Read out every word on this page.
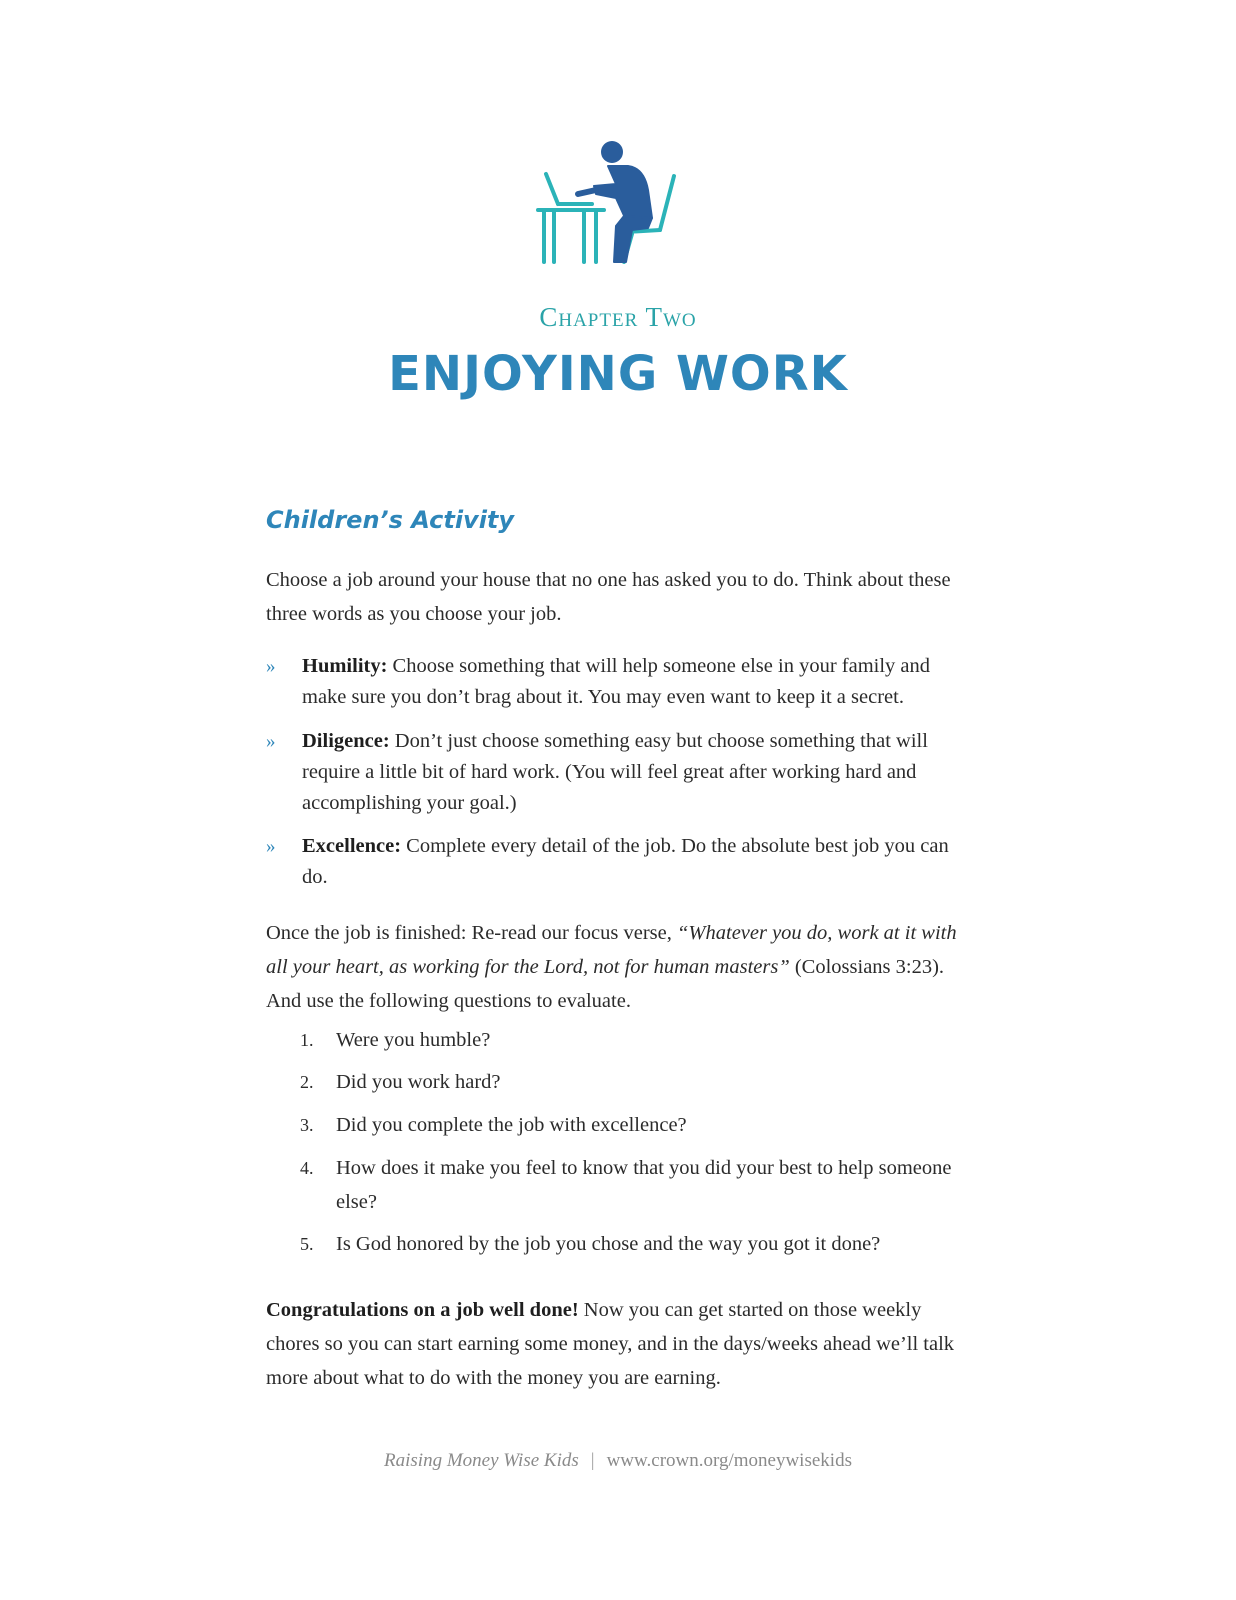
Chapter Two
ENJOYING WORK
Children’s Activity
Choose a job around your house that no one has asked you to do. Think about these three words as you choose your job.
» Humility: Choose something that will help someone else in your family and make sure you don’t brag about it. You may even want to keep it a secret.
» Diligence: Don’t just choose something easy but choose something that will require a little bit of hard work. (You will feel great after working hard and accomplishing your goal.)
» Excellence: Complete every detail of the job. Do the absolute best job you can do.
Once the job is finished: Re-read our focus verse, “Whatever you do, work at it with all your heart, as working for the Lord, not for human masters” (Colossians 3:23). And use the following questions to evaluate.
1. Were you humble?
2. Did you work hard?
3. Did you complete the job with excellence?
4. How does it make you feel to know that you did your best to help someone else?
5. Is God honored by the job you chose and the way you got it done?
Congratulations on a job well done! Now you can get started on those weekly chores so you can start earning some money, and in the days/weeks ahead we’ll talk more about what to do with the money you are earning.
Raising Money Wise Kids | www.crown.org/moneywisekids
